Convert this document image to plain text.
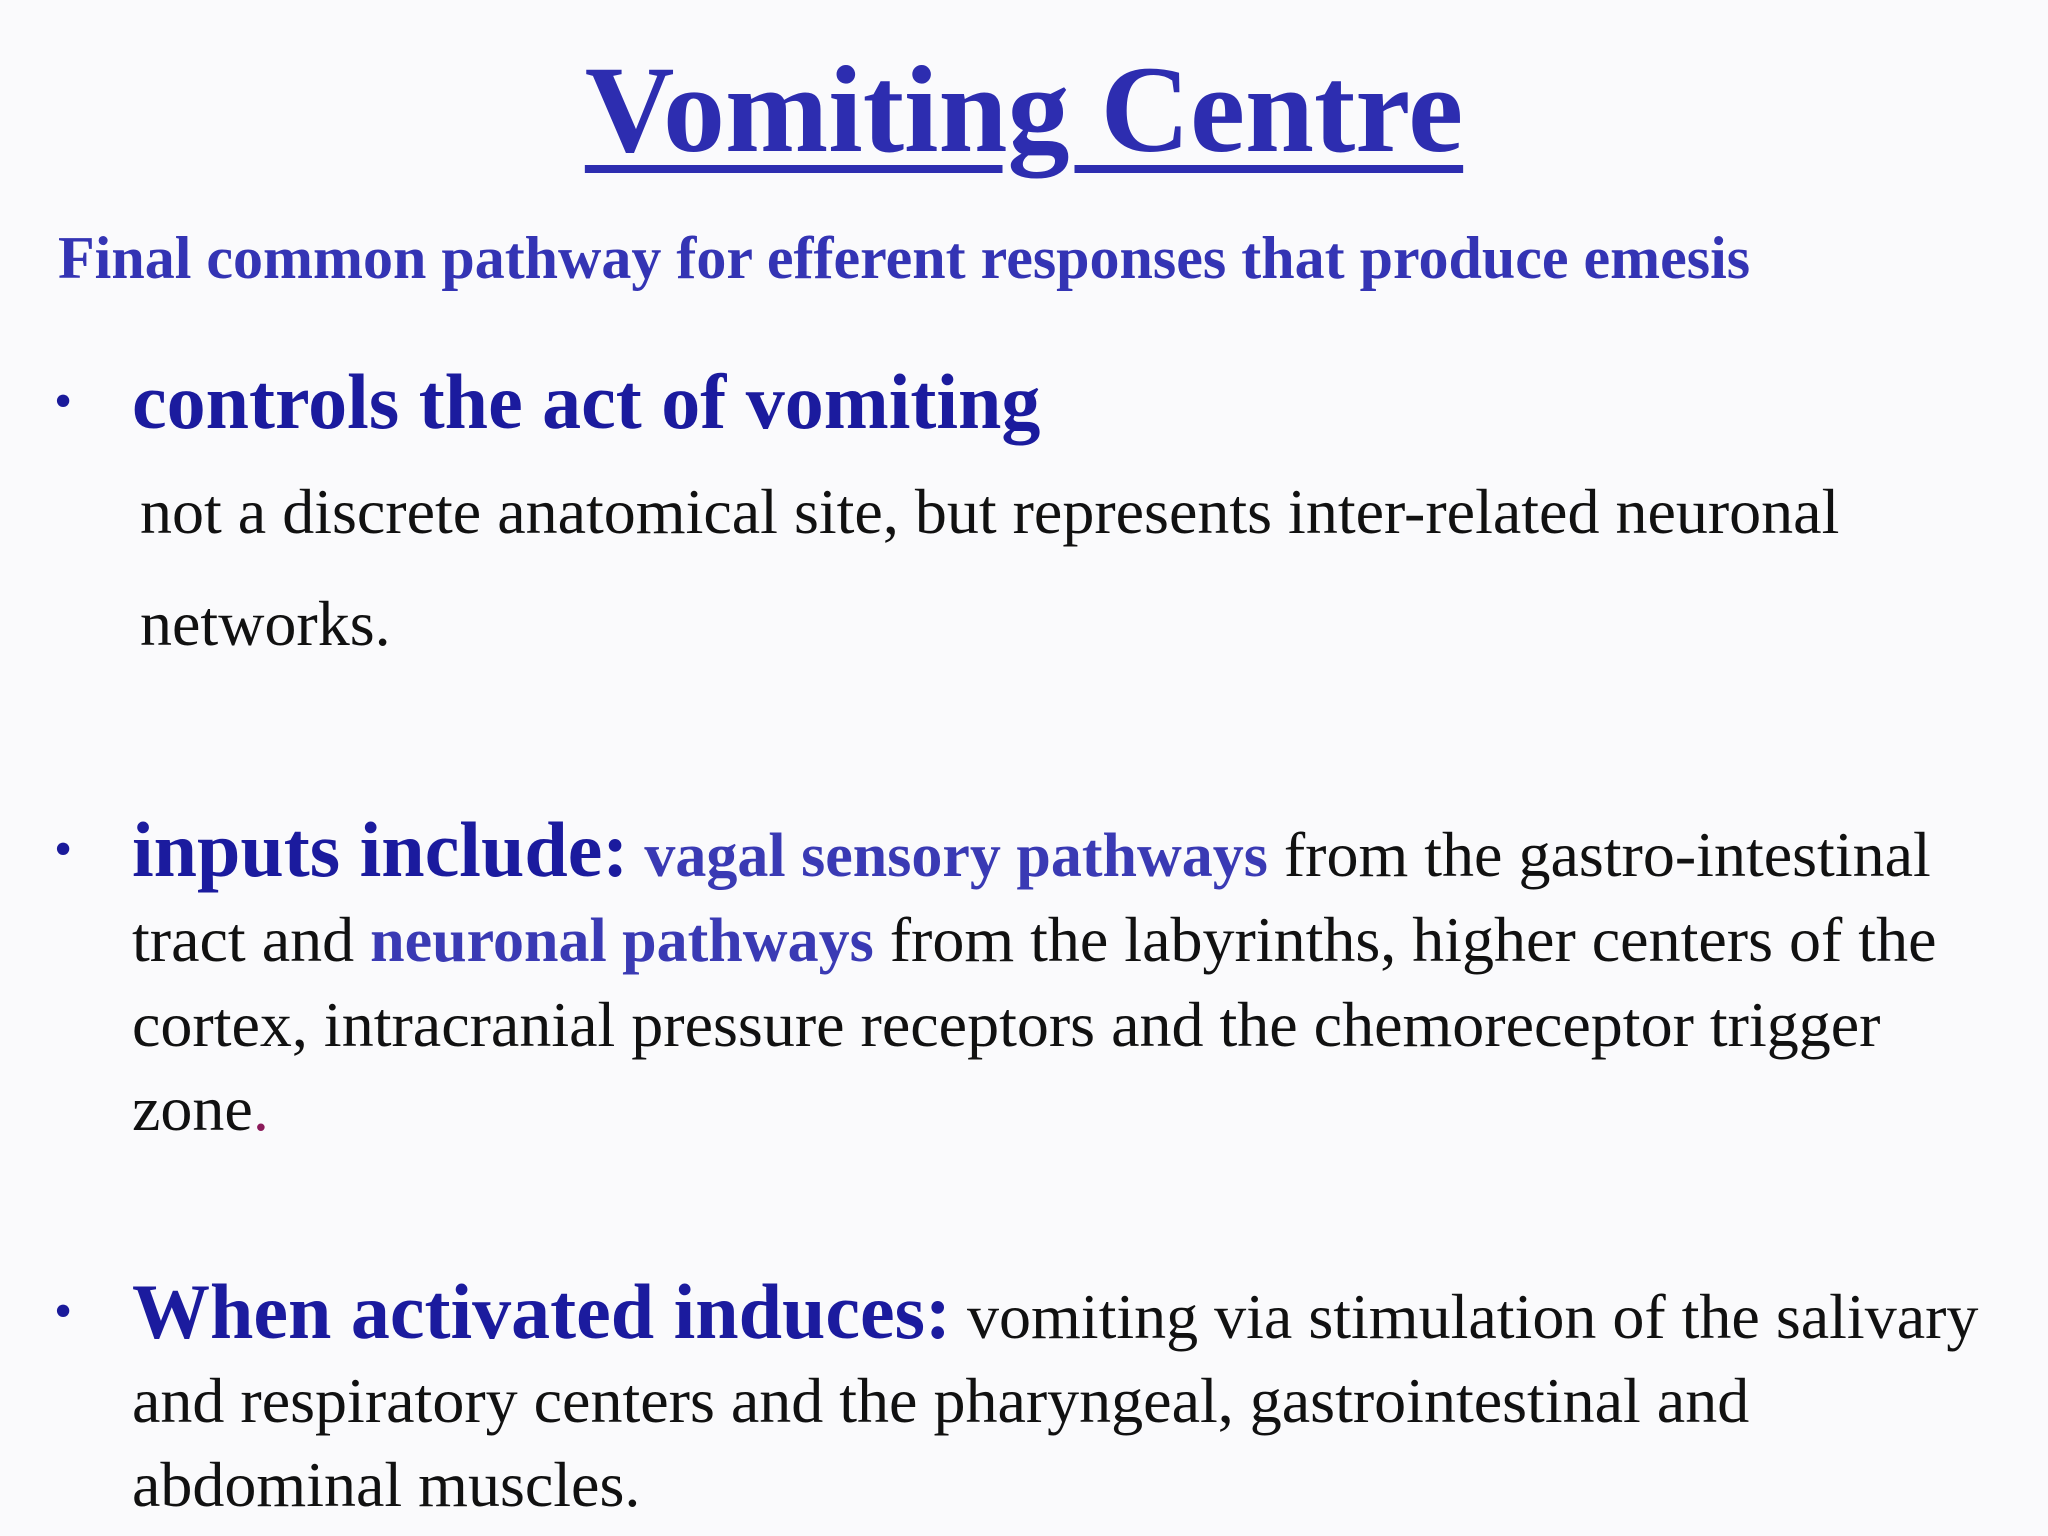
Vomiting Centre

Final common pathway for efferent responses that produce emesis

• controls the act of vomiting
not a discrete anatomical site, but represents inter-related neuronal networks.
• inputs include: vagal sensory pathways from the gastro-intestinal tract and neuronal pathways from the labyrinths, higher centers of the cortex, intracranial pressure receptors and the chemoreceptor trigger zone.
• When activated induces: vomiting via stimulation of the salivary and respiratory centers and the pharyngeal, gastrointestinal and abdominal muscles.
